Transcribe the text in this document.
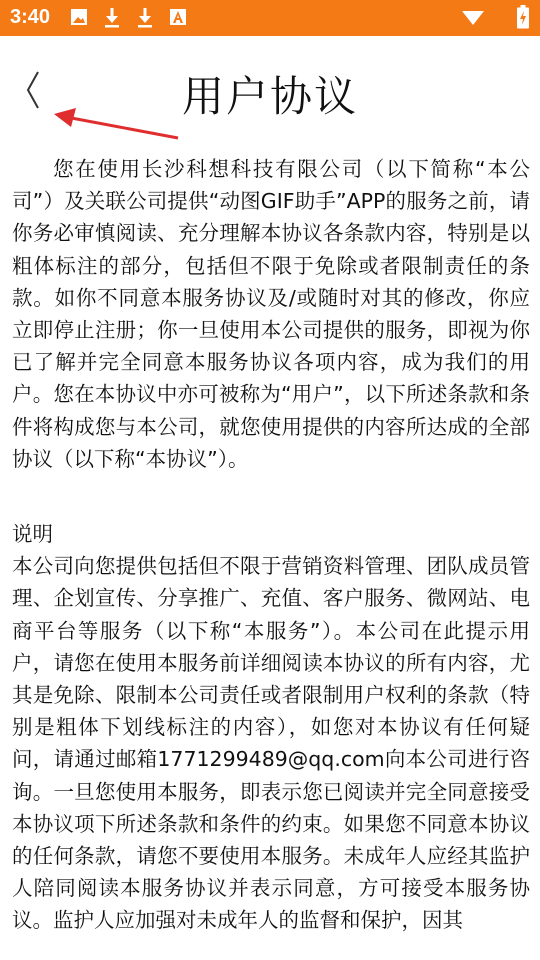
3:40
用户协议

您在使用长沙科想科技有限公司（以下简称“本公司”）及关联公司提供“动图GIF助手”APP的服务之前，请你务必审慎阅读、充分理解本协议各条款内容，特别是以粗体标注的部分，包括但不限于免除或者限制责任的条款。如你不同意本服务协议及/或随时对其的修改，你应立即停止注册；你一旦使用本公司提供的服务，即视为你已了解并完全同意本服务协议各项内容，成为我们的用户。您在本协议中亦可被称为“用户”，以下所述条款和条件将构成您与本公司，就您使用提供的内容所达成的全部协议（以下称“本协议”）。

说明

本公司向您提供包括但不限于营销资料管理、团队成员管理、企划宣传、分享推广、充值、客户服务、微网站、电商平台等服务（以下称“本服务”）。本公司在此提示用户，请您在使用本服务前详细阅读本协议的所有内容，尤其是免除、限制本公司责任或者限制用户权利的条款（特别是粗体下划线标注的内容），如您对本协议有任何疑问，请通过邮箱1771299489@qq.com向本公司进行咨询。一旦您使用本服务，即表示您已阅读并完全同意接受本协议项下所述条款和条件的约束。如果您不同意本协议的任何条款，请您不要使用本服务。未成年人应经其监护人陪同阅读本服务协议并表示同意，方可接受本服务协议。监护人应加强对未成年人的监督和保护，因其
